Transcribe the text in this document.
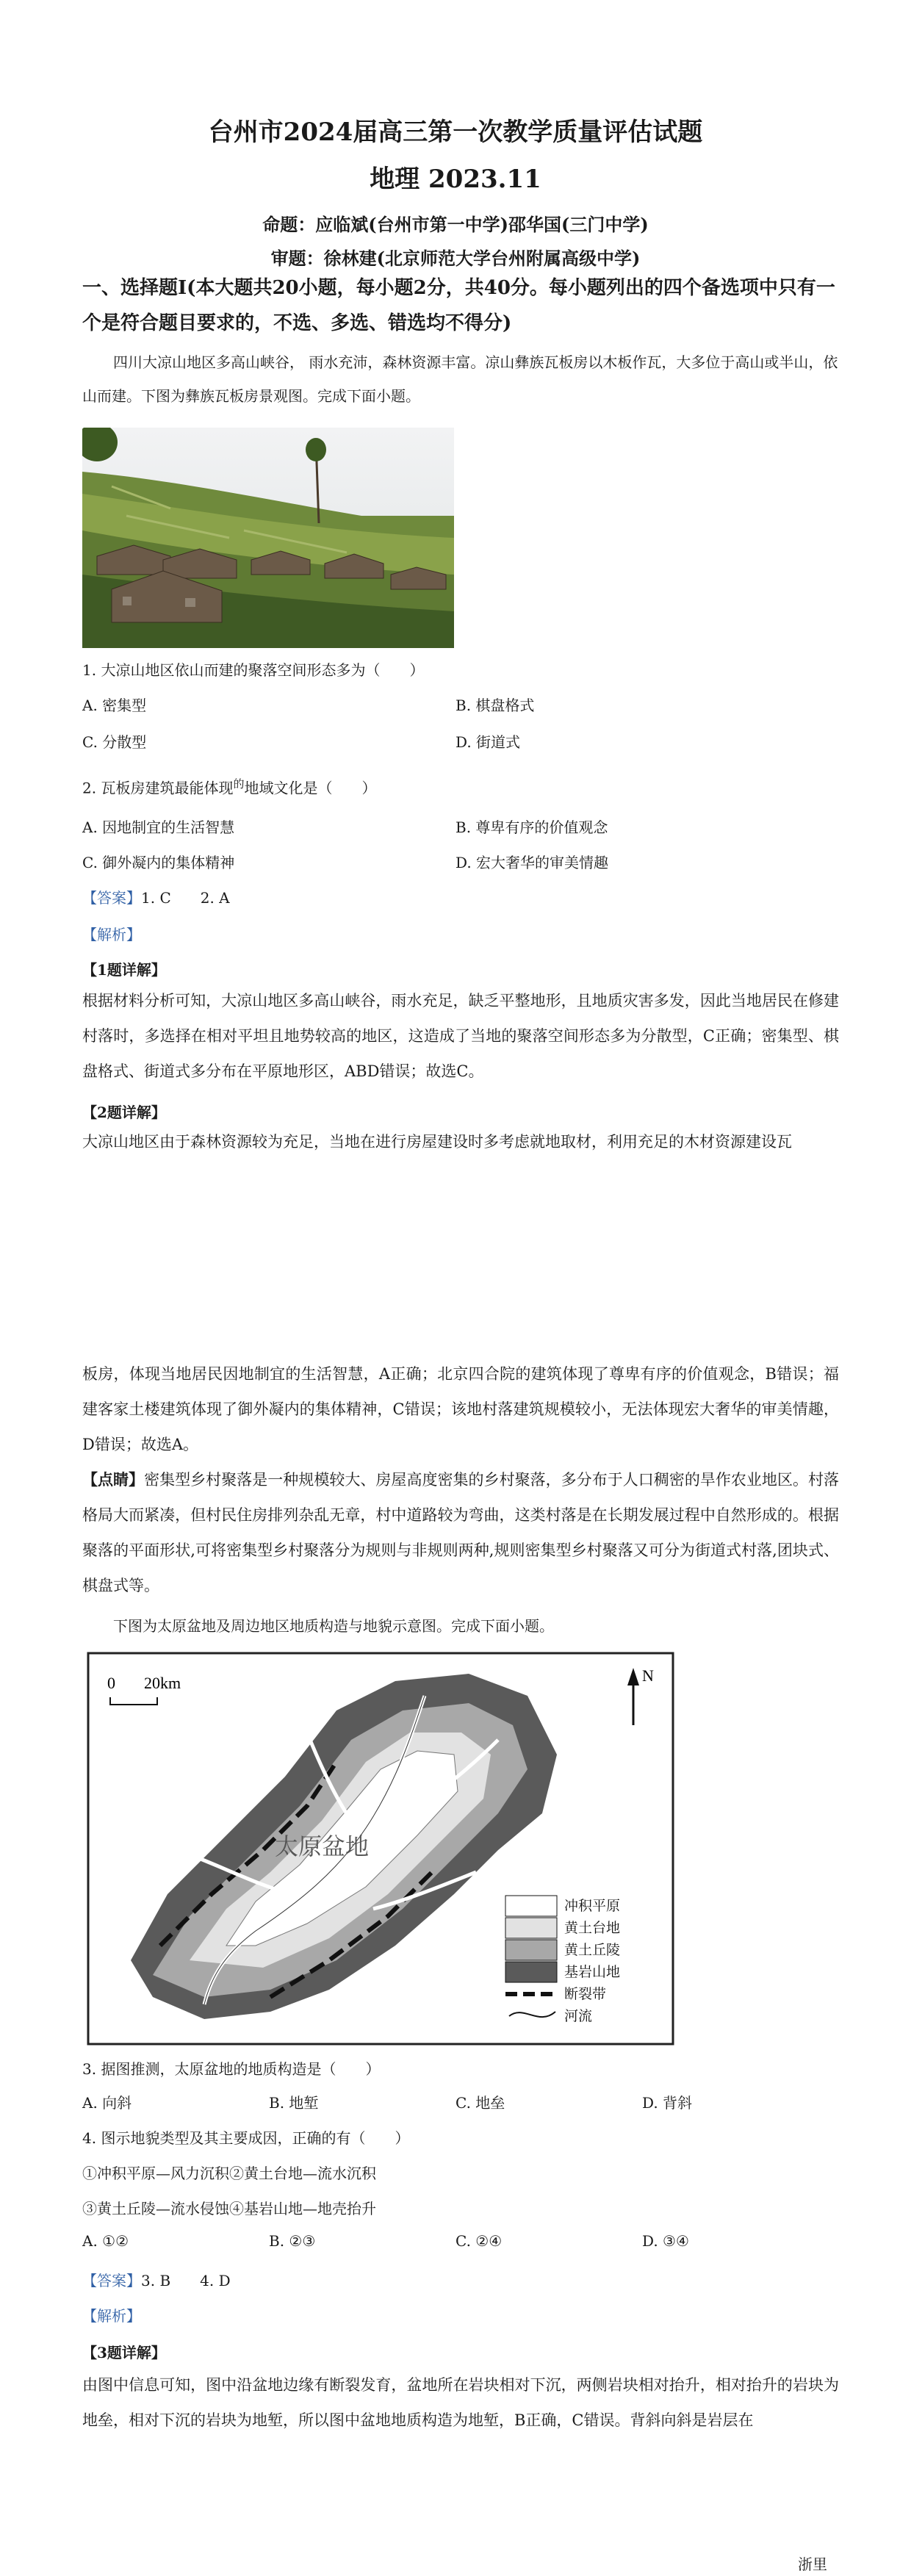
台州市2024届高三第一次教学质量评估试题
地理 2023.11
命题：应临斌(台州市第一中学)邵华国(三门中学)
审题：徐林建(北京师范大学台州附属高级中学)
一、选择题Ⅰ(本大题共20小题，每小题2分，共40分。每小题列出的四个备选项中只有一
个是符合题目要求的，不选、多选、错选均不得分)
四川大凉山地区多高山峡谷， 雨水充沛，森林资源丰富。凉山彝族瓦板房以木板作瓦，大多位于高山或半山，依山而建。下图为彝族瓦板房景观图。完成下面小题。
1. 大凉山地区依山而建的聚落空间形态多为（　　）
A. 密集型	B. 棋盘格式
C. 分散型	D. 街道式
2. 瓦板房建筑最能体现$^的$地域文化是（　　）
A. 因地制宜的生活智慧	B. 尊卑有序的价值观念
C. 御外凝内的集体精神	D. 宏大奢华的审美情趣
【答案】1. C　　2. A
【解析】
【1题详解】
根据材料分析可知，大凉山地区多高山峡谷，雨水充足，缺乏平整地形，且地质灾害多发，因此当地居民在修建村落时，多选择在相对平坦且地势较高的地区，这造成了当地的聚落空间形态多为分散型，C正确；密集型、棋盘格式、街道式多分布在平原地形区，ABD错误；故选C。
【2题详解】
大凉山地区由于森林资源较为充足，当地在进行房屋建设时多考虑就地取材，利用充足的木材资源建设瓦
板房，体现当地居民因地制宜的生活智慧，A正确；北京四合院的建筑体现了尊卑有序的价值观念，B错误；福建客家土楼建筑体现了御外凝内的集体精神，C错误；该地村落建筑规模较小，无法体现宏大奢华的审美情趣，D错误；故选A。
【点睛】密集型乡村聚落是一种规模较大、房屋高度密集的乡村聚落，多分布于人口稠密的旱作农业地区。村落格局大而紧凑，但村民住房排列杂乱无章，村中道路较为弯曲，这类村落是在长期发展过程中自然形成的。根据聚落的平面形状,可将密集型乡村聚落分为规则与非规则两种,规则密集型乡村聚落又可分为街道式村落,团块式、棋盘式等。
下图为太原盆地及周边地区地质构造与地貌示意图。完成下面小题。
0 20km	N
太原盆地
冲积平原
黄土台地
黄土丘陵
基岩山地
断裂带
河流
3. 据图推测，太原盆地的地质构造是（　　）
A. 向斜	B. 地堑	C. 地垒	D. 背斜
4. 图示地貌类型及其主要成因，正确的有（　　）
①冲积平原—风力沉积②黄土台地—流水沉积
③黄土丘陵—流水侵蚀④基岩山地—地壳抬升
A. ①②	B. ②③	C. ②④	D. ③④
【答案】3. B　　4. D
【解析】
【3题详解】
由图中信息可知，图中沿盆地边缘有断裂发育，盆地所在岩块相对下沉，两侧岩块相对抬升，相对抬升的岩块为地垒，相对下沉的岩块为地堑，所以图中盆地地质构造为地堑，B正确，C错误。背斜向斜是岩层在
浙里
